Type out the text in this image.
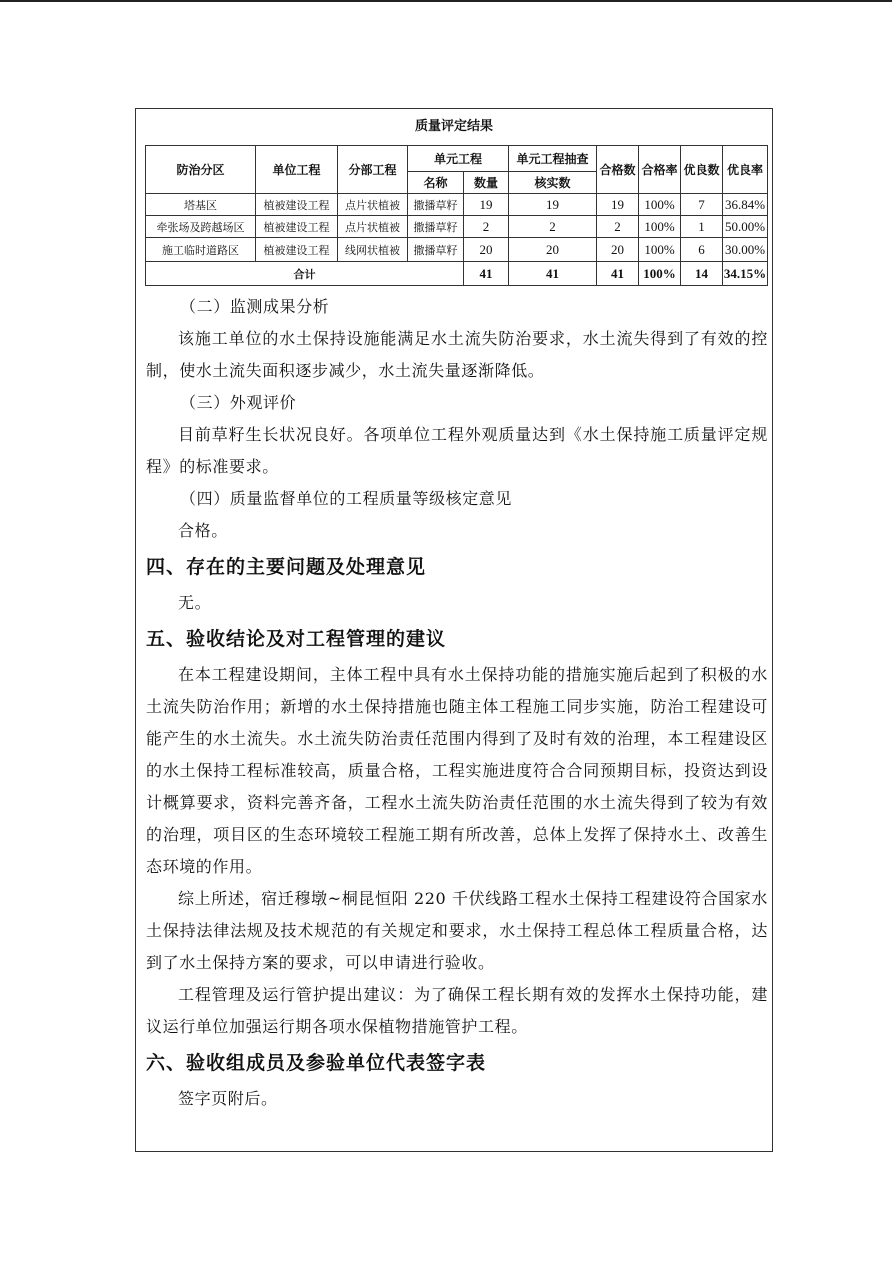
质量评定结果
防治分区	单位工程	分部工程	单元工程		单元工程抽查	合格数	合格率	优良数	优良率
			名称	数量	核实数				
塔基区	植被建设工程	点片状植被	撒播草籽	19	19	19	100%	7	36.84%
牵张场及跨越场区	植被建设工程	点片状植被	撒播草籽	2	2	2	100%	1	50.00%
施工临时道路区	植被建设工程	线网状植被	撒播草籽	20	20	20	100%	6	30.00%
合计				41	41	41	100%	14	34.15%

（二）监测成果分析

该施工单位的水土保持设施能满足水土流失防治要求，水土流失得到了有效的控制，使水土流失面积逐步减少，水土流失量逐渐降低。

（三）外观评价

目前草籽生长状况良好。各项单位工程外观质量达到《水土保持施工质量评定规程》的标准要求。

（四）质量监督单位的工程质量等级核定意见

合格。

四、存在的主要问题及处理意见

无。

五、验收结论及对工程管理的建议

在本工程建设期间，主体工程中具有水土保持功能的措施实施后起到了积极的水土流失防治作用；新增的水土保持措施也随主体工程施工同步实施，防治工程建设可能产生的水土流失。水土流失防治责任范围内得到了及时有效的治理，本工程建设区的水土保持工程标准较高，质量合格，工程实施进度符合合同预期目标，投资达到设计概算要求，资料完善齐备，工程水土流失防治责任范围的水土流失得到了较为有效的治理，项目区的生态环境较工程施工期有所改善，总体上发挥了保持水土、改善生态环境的作用。

综上所述，宿迁穆墩~桐昆恒阳 220 千伏线路工程水土保持工程建设符合国家水土保持法律法规及技术规范的有关规定和要求，水土保持工程总体工程质量合格，达到了水土保持方案的要求，可以申请进行验收。

工程管理及运行管护提出建议：为了确保工程长期有效的发挥水土保持功能，建议运行单位加强运行期各项水保植物措施管护工程。

六、验收组成员及参验单位代表签字表

签字页附后。
